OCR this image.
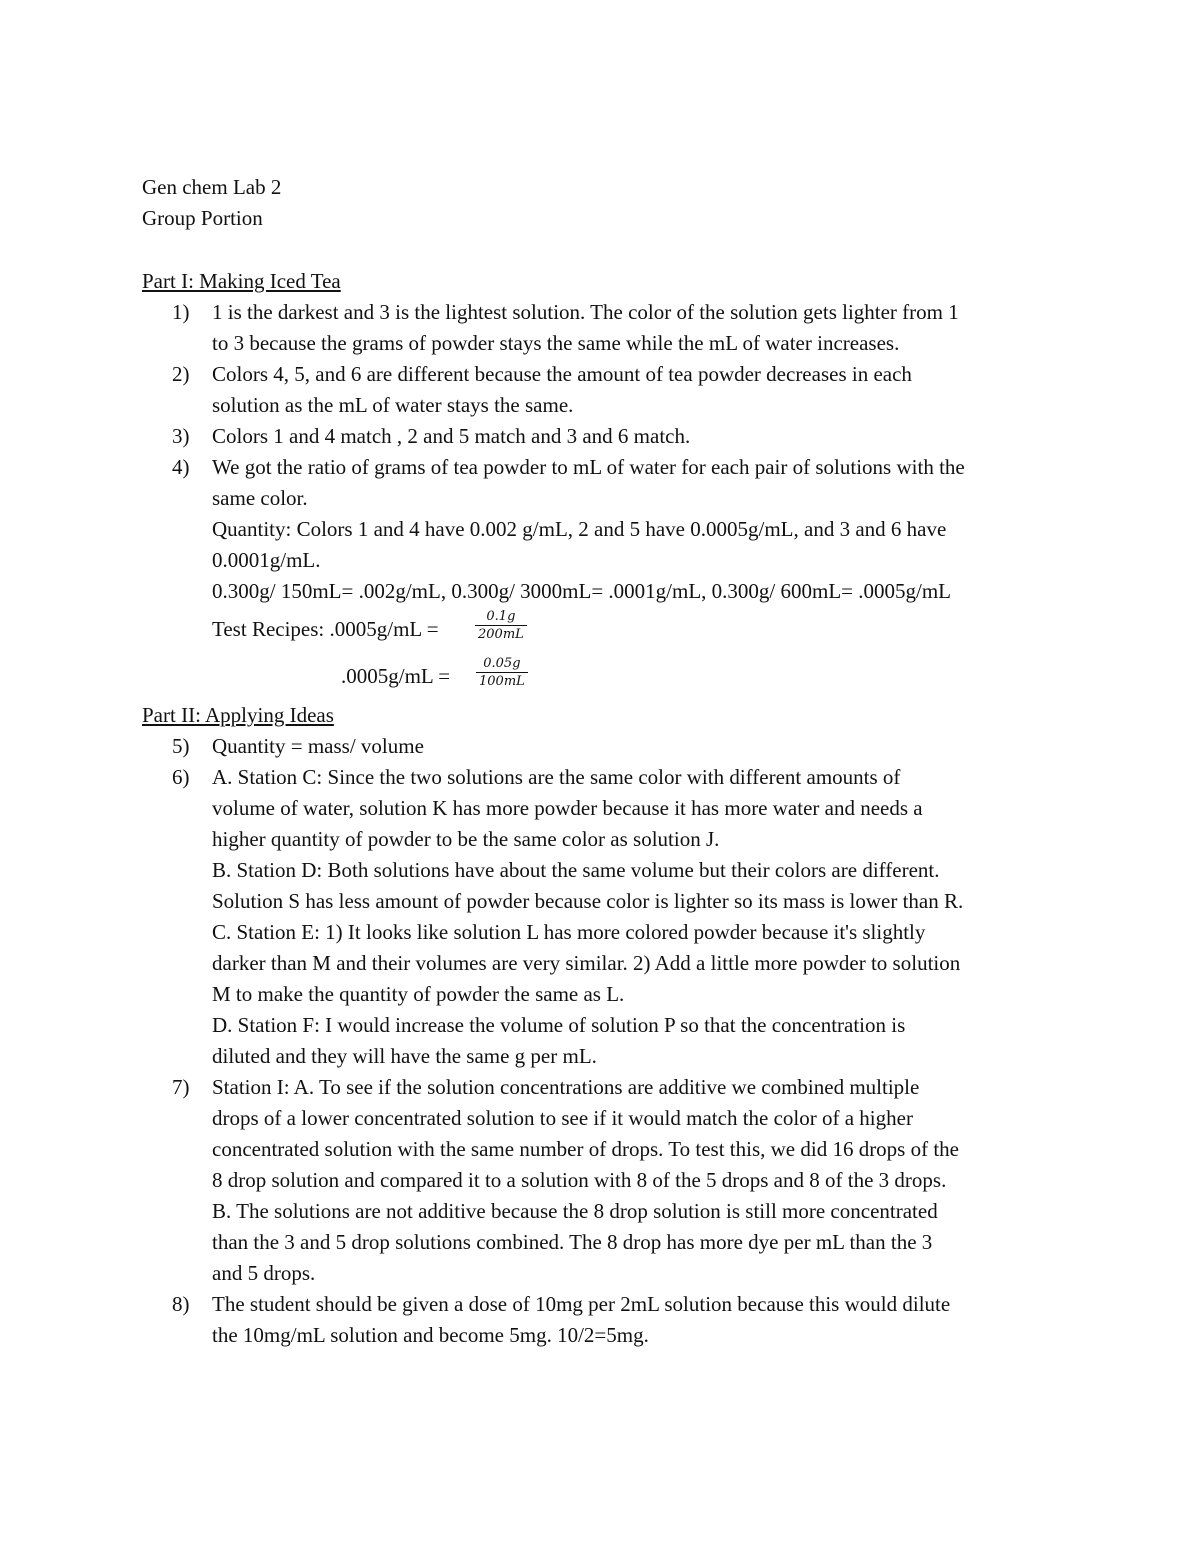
Gen chem Lab 2
Group Portion
Part I: Making Iced Tea
1) 1 is the darkest and 3 is the lightest solution. The color of the solution gets lighter from 1
to 3 because the grams of powder stays the same while the mL of water increases.
2) Colors 4, 5, and 6 are different because the amount of tea powder decreases in each
solution as the mL of water stays the same.
3) Colors 1 and 4 match , 2 and 5 match and 3 and 6 match.
4) We got the ratio of grams of tea powder to mL of water for each pair of solutions with the
same color.
Quantity: Colors 1 and 4 have 0.002 g/mL, 2 and 5 have 0.0005g/mL, and 3 and 6 have
0.0001g/mL.
0.300g/ 150mL= .002g/mL, 0.300g/ 3000mL= .0001g/mL, 0.300g/ 600mL= .0005g/mL
Test Recipes: .0005g/mL =	$\frac{0.1g}{200mL}$
$.0005g/mL = \frac{0.05g}{100mL}$
Part II: Applying Ideas
5) Quantity = mass/ volume
6) A. Station C: Since the two solutions are the same color with different amounts of
volume of water, solution K has more powder because it has more water and needs a
higher quantity of powder to be the same color as solution J.
B. Station D: Both solutions have about the same volume but their colors are different.
Solution S has less amount of powder because color is lighter so its mass is lower than R.
C. Station E: 1) It looks like solution L has more colored powder because it's slightly
darker than M and their volumes are very similar. 2) Add a little more powder to solution
M to make the quantity of powder the same as L.
D. Station F: I would increase the volume of solution P so that the concentration is
diluted and they will have the same g per mL.
7) Station I: A. To see if the solution concentrations are additive we combined multiple
drops of a lower concentrated solution to see if it would match the color of a higher
concentrated solution with the same number of drops. To test this, we did 16 drops of the
8 drop solution and compared it to a solution with 8 of the 5 drops and 8 of the 3 drops.
B. The solutions are not additive because the 8 drop solution is still more concentrated
than the 3 and 5 drop solutions combined. The 8 drop has more dye per mL than the 3
and 5 drops.
8) The student should be given a dose of 10mg per 2mL solution because this would dilute
the 10mg/mL solution and become 5mg. 10/2=5mg.
